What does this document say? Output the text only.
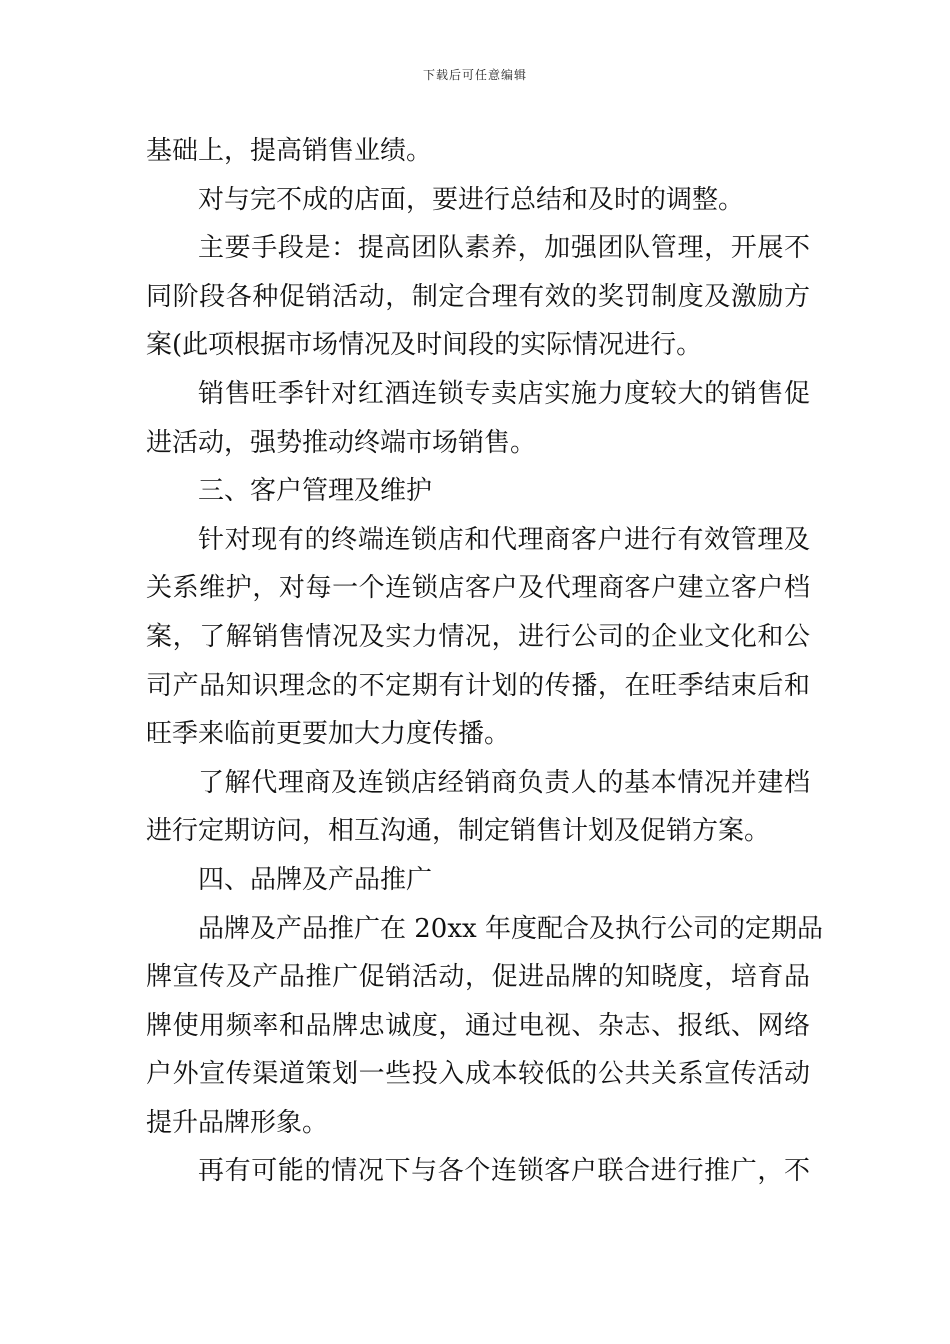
下载后可任意编辑
基础上，提高销售业绩。
对与完不成的店面，要进行总结和及时的调整。
主要手段是：提高团队素养，加强团队管理，开展不
同阶段各种促销活动，制定合理有效的奖罚制度及激励方
案(此项根据市场情况及时间段的实际情况进行。
销售旺季针对红酒连锁专卖店实施力度较大的销售促
进活动，强势推动终端市场销售。
三、客户管理及维护
针对现有的终端连锁店和代理商客户进行有效管理及
关系维护，对每一个连锁店客户及代理商客户建立客户档
案，了解销售情况及实力情况，进行公司的企业文化和公
司产品知识理念的不定期有计划的传播，在旺季结束后和
旺季来临前更要加大力度传播。
了解代理商及连锁店经销商负责人的基本情况并建档
进行定期访问，相互沟通，制定销售计划及促销方案。
四、品牌及产品推广
品牌及产品推广在 20xx 年度配合及执行公司的定期品
牌宣传及产品推广促销活动，促进品牌的知晓度，培育品
牌使用频率和品牌忠诚度，通过电视、杂志、报纸、网络
户外宣传渠道策划一些投入成本较低的公共关系宣传活动
提升品牌形象。
再有可能的情况下与各个连锁客户联合进行推广，不
